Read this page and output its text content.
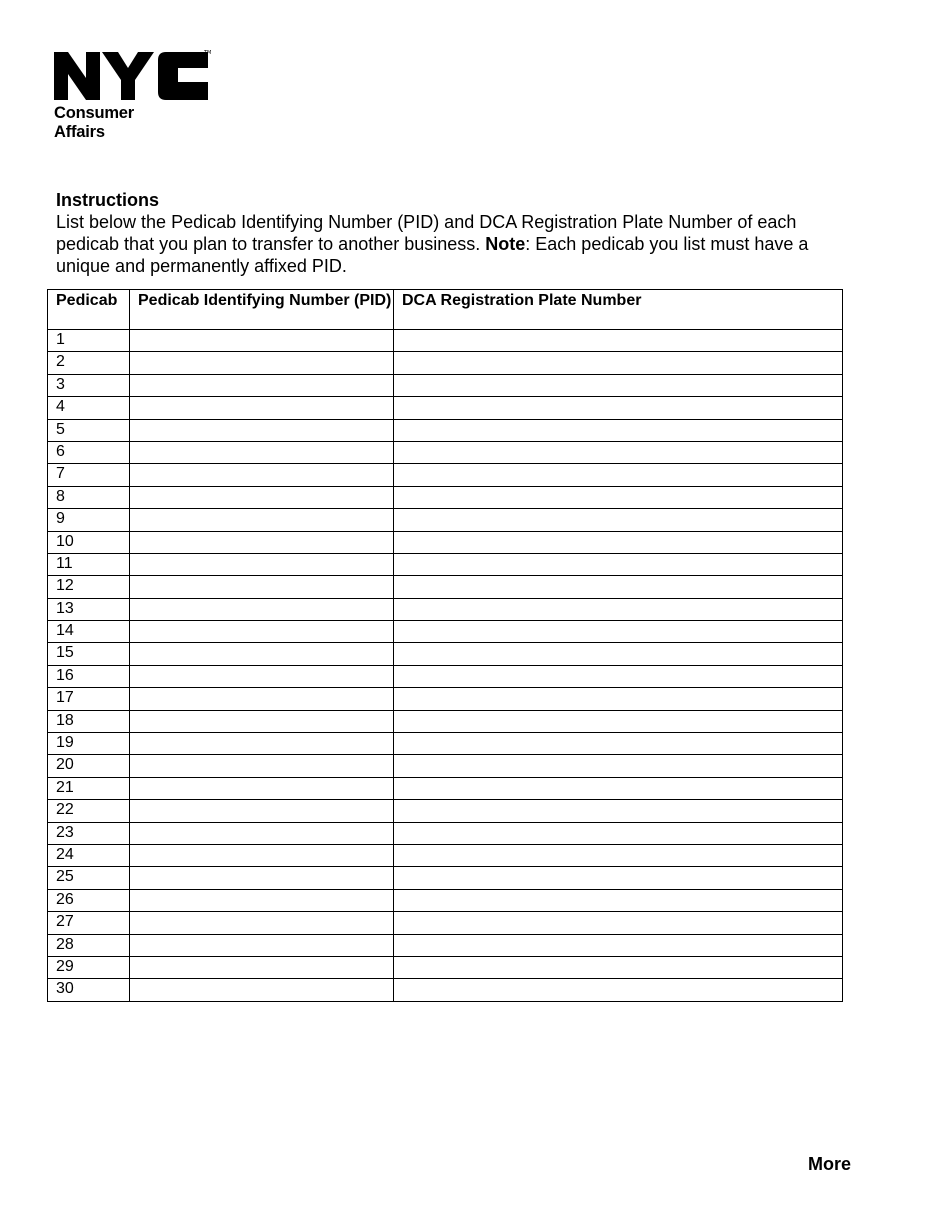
TM
Consumer
Affairs
Instructions

List below the Pedicab Identifying Number (PID) and DCA Registration Plate Number of each pedicab that you plan to transfer to another business. Note: Each pedicab you list must have a unique and permanently affixed PID.

Pedicab	Pedicab Identifying Number (PID)	DCA Registration Plate Number
1		
2		
3		
4		
5		
6		
7		
8		
9		
10		
11		
12		
13		
14		
15		
16		
17		
18		
19		
20		
21		
22		
23		
24		
25		
26		
27		
28		
29		
30		
More
